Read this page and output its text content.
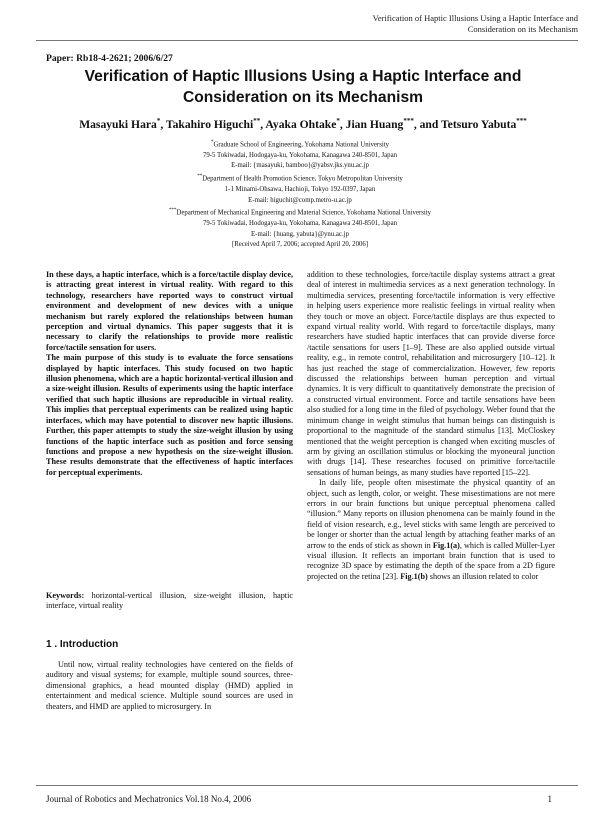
Verification of Haptic Illusions Using a Haptic Interface and
Consideration on its Mechanism
Paper: Rb18-4-2621; 2006/6/27
Verification of Haptic Illusions Using a Haptic Interface and
Consideration on its Mechanism
Masayuki Hara*, Takahiro Higuchi**, Ayaka Ohtake*, Jian Huang***, and Tetsuro Yabuta***
*Graduate School of Engineering, Yokohama National University
79-5 Tokiwadai, Hodogaya-ku, Yokohama, Kanagawa 240-8501, Japan
E-mail: {masayuki, bamboo}@yabsv.jks.ynu.ac.jp
**Department of Health Promotion Science, Tokyo Metropolitan University
1-1 Minami-Ohsawa, Hachioji, Tokyo 192-0397, Japan
E-mail: higuchit@comp.metro-u.ac.jp
***Department of Mechanical Engineering and Material Science, Yokohama National University
79-5 Tokiwadai, Hodogaya-ku, Yokohama, Kanagawa 240-8501, Japan
E-mail: {huang, yabuta}@ynu.ac.jp
[Received April 7, 2006; accepted April 20, 2006]

In these days, a haptic interface, which is a force/tactile display device, is attracting great interest in virtual reality. With regard to this technology, researchers have reported ways to construct virtual environment and development of new devices with a unique mechanism but rarely explored the relationships between human perception and virtual dynamics. This paper suggests that it is necessary to clarify the relationships to provide more realistic force/tactile sensation for users.

The main purpose of this study is to evaluate the force sensations displayed by haptic interfaces. This study focused on two haptic illusion phenomena, which are a haptic horizontal-vertical illusion and a size-weight illusion. Results of experiments using the haptic interface verified that such haptic illusions are reproducible in virtual reality. This implies that perceptual experiments can be realized using haptic interfaces, which may have potential to discover new haptic illusions. Further, this paper attempts to study the size-weight illusion by using functions of the haptic interface such as position and force sensing functions and propose a new hypothesis on the size-weight illusion. These results demonstrate that the effectiveness of haptic interfaces for perceptual experiments.

Keywords: horizontal-vertical illusion, size-weight illusion, haptic interface, virtual reality
1 . Introduction
Until now, virtual reality technologies have centered on the fields of auditory and visual systems; for example, multiple sound sources, three-dimensional graphics, a head mounted display (HMD) applied in entertainment and medical science. Multiple sound sources are used in theaters, and HMD are applied to microsurgery. In

addition to these technologies, force/tactile display systems attract a great deal of interest in multimedia services as a next generation technology. In multimedia services, presenting force/tactile information is very effective in helping users experience more realistic feelings in virtual reality when they touch or move an object. Force/tactile displays are thus expected to expand virtual reality world. With regard to force/tactile displays, many researchers have studied haptic interfaces that can provide diverse force /tactile sensations for users [1–9]. These are also applied outside virtual reality, e.g., in remote control, rehabilitation and microsurgery [10–12]. It has just reached the stage of commercialization. However, few reports discussed the relationships between human perception and virtual dynamics. It is very difficult to quantitatively demonstrate the precision of a constructed virtual environment. Force and tactile sensations have been also studied for a long time in the filed of psychology. Weber found that the minimum change in weight stimulus that human beings can distinguish is proportional to the magnitude of the standard stimulus [13]. McCloskey mentioned that the weight perception is changed when exciting muscles of arm by giving an oscillation stimulus or blocking the myoneural junction with drugs [14]. These researches focused on primitive force/tactile sensations of human beings, as many studies have reported [15–22].

In daily life, people often misestimate the physical quantity of an object, such as length, color, or weight. These misestimations are not mere errors in our brain functions but unique perceptual phenomena called “illusion.” Many reports on illusion phenomena can be mainly found in the field of vision research, e.g., level sticks with same length are perceived to be longer or shorter than the actual length by attaching feather marks of an arrow to the ends of stick as shown in Fig.1(a), which is called Müller-Lyer visual illusion. It reflects an important brain function that is used to recognize 3D space by estimating the depth of the space from a 2D figure projected on the retina [23]. Fig.1(b) shows an illusion related to color

Journal of Robotics and Mechatronics Vol.18 No.4, 2006	1
